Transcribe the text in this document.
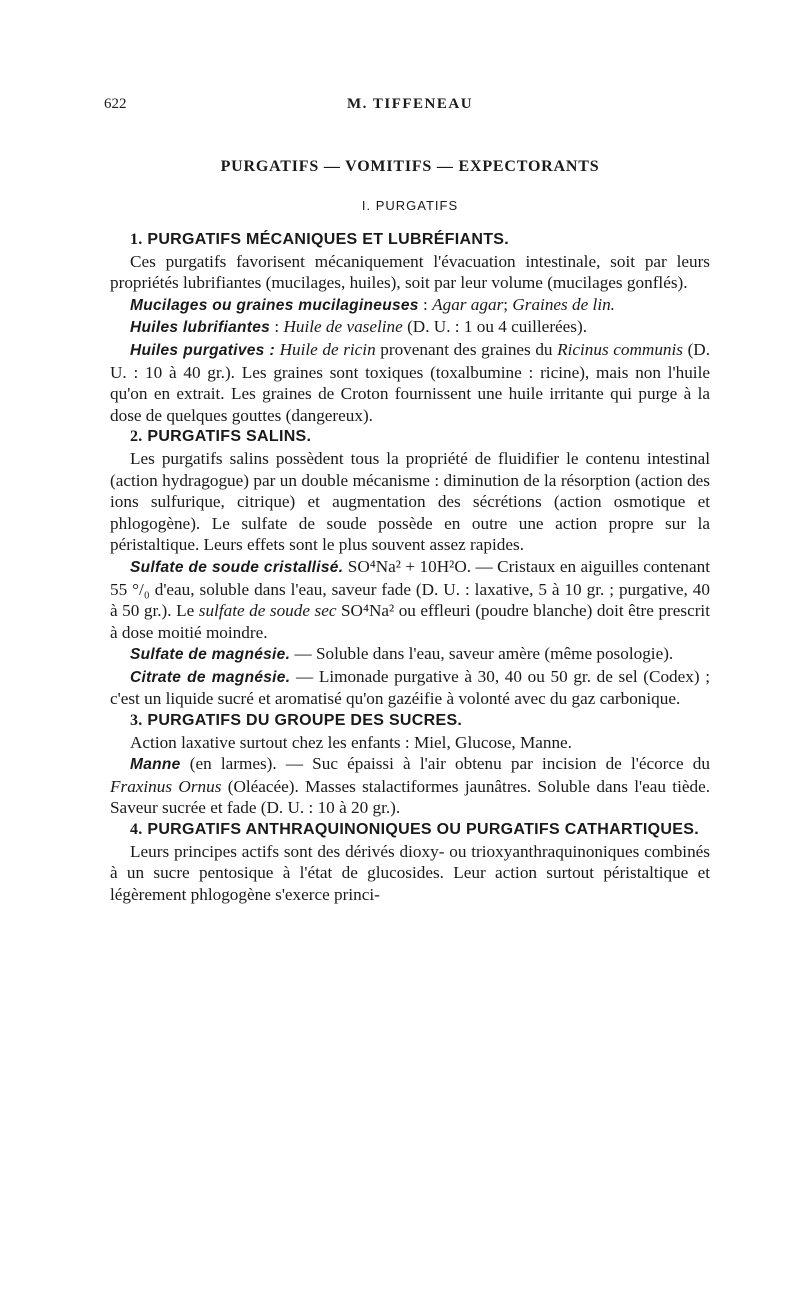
622	M. TIFFENEAU
PURGATIFS — VOMITIFS — EXPECTORANTS
I. PURGATIFS

1. PURGATIFS MÉCANIQUES ET LUBRÉFIANTS.

Ces purgatifs favorisent mécaniquement l'évacuation intestinale, soit par leurs propriétés lubrifiantes (mucilages, huiles), soit par leur volume (mucilages gonflés).

Mucilages ou graines mucilagineuses : Agar agar; Graines de lin.

Huiles lubrifiantes : Huile de vaseline (D. U. : 1 ou 4 cuillerées).

Huiles purgatives : Huile de ricin provenant des graines du Ricinus communis (D. U. : 10 à 40 gr.). Les graines sont toxiques (toxalbumine : ricine), mais non l'huile qu'on en extrait. Les graines de Croton fournissent une huile irritante qui purge à la dose de quelques gouttes (dangereux).

2. PURGATIFS SALINS.

Les purgatifs salins possèdent tous la propriété de fluidifier le contenu intestinal (action hydragogue) par un double mécanisme : diminution de la résorption (action des ions sulfurique, citrique) et augmentation des sécrétions (action osmotique et phlogogène). Le sulfate de soude possède en outre une action propre sur la péristaltique. Leurs effets sont le plus souvent assez rapides.

Sulfate de soude cristallisé. SO⁴Na² + 10H²O. — Cristaux en aiguilles contenant 55 °/₀ d'eau, soluble dans l'eau, saveur fade (D. U. : laxative, 5 à 10 gr. ; purgative, 40 à 50 gr.). Le sulfate de soude sec SO⁴Na² ou effleuri (poudre blanche) doit être prescrit à dose moitié moindre.

Sulfate de magnésie. — Soluble dans l'eau, saveur amère (même posologie).

Citrate de magnésie. — Limonade purgative à 30, 40 ou 50 gr. de sel (Codex) ; c'est un liquide sucré et aromatisé qu'on gazéifie à volonté avec du gaz carbonique.

3. PURGATIFS DU GROUPE DES SUCRES.

Action laxative surtout chez les enfants : Miel, Glucose, Manne.

Manne (en larmes). — Suc épaissi à l'air obtenu par incision de l'écorce du Fraxinus Ornus (Oléacée). Masses stalactiformes jaunâtres. Soluble dans l'eau tiède. Saveur sucrée et fade (D. U. : 10 à 20 gr.).

4. PURGATIFS ANTHRAQUINONIQUES OU PURGATIFS CATHARTIQUES.

Leurs principes actifs sont des dérivés dioxy- ou trioxyanthraquinoniques combinés à un sucre pentosique à l'état de glucosides. Leur action surtout péristaltique et légèrement phlogogène s'exerce princi-
